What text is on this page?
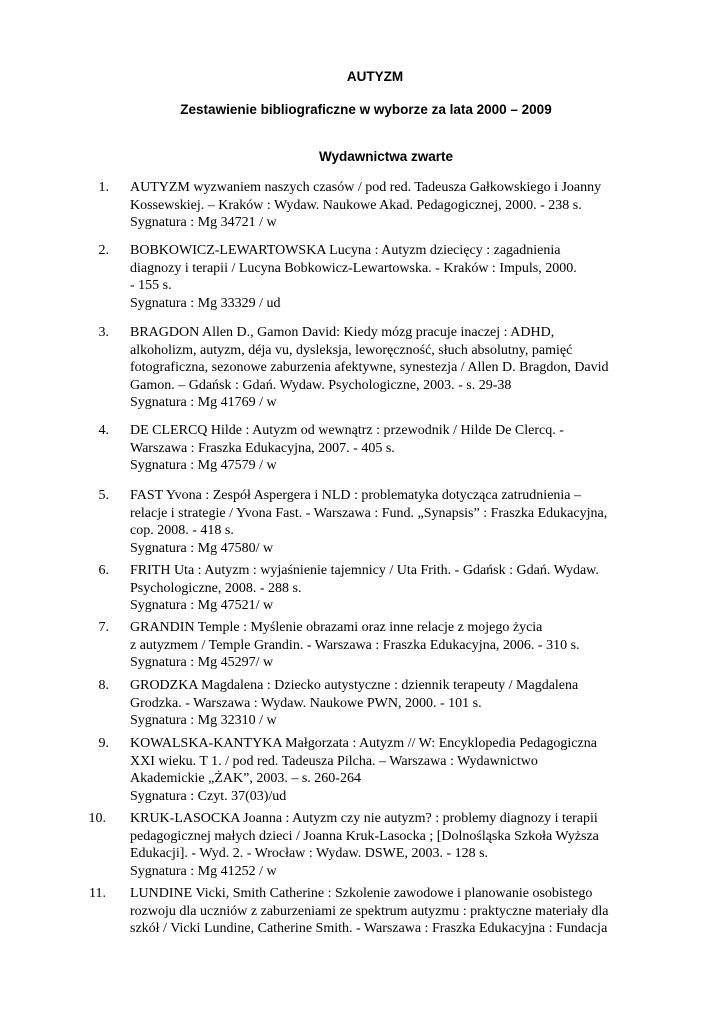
AUTYZM
Zestawienie bibliograficzne w wyborze za lata 2000 – 2009
Wydawnictwa zwarte
1. AUTYZM wyzwaniem naszych czasów / pod red. Tadeusza Gałkowskiego i Joanny
Kossewskiej. – Kraków : Wydaw. Naukowe Akad. Pedagogicznej, 2000. - 238 s.
Sygnatura : Mg 34721 / w
2. BOBKOWICZ-LEWARTOWSKA Lucyna : Autyzm dziecięcy : zagadnienia
diagnozy i terapii / Lucyna Bobkowicz-Lewartowska. - Kraków : Impuls, 2000.
- 155 s.
Sygnatura : Mg 33329 / ud
3. BRAGDON Allen D., Gamon David: Kiedy mózg pracuje inaczej : ADHD,
alkoholizm, autyzm, déja vu, dysleksja, leworęczność, słuch absolutny, pamięć
fotograficzna, sezonowe zaburzenia afektywne, synestezja / Allen D. Bragdon, David
Gamon. – Gdańsk : Gdań. Wydaw. Psychologiczne, 2003. - s. 29-38
Sygnatura : Mg 41769 / w
4. DE CLERCQ Hilde : Autyzm od wewnątrz : przewodnik / Hilde De Clercq. -
Warszawa : Fraszka Edukacyjna, 2007. - 405 s.
Sygnatura : Mg 47579 / w
5. FAST Yvona : Zespół Aspergera i NLD : problematyka dotycząca zatrudnienia –
relacje i strategie / Yvona Fast. - Warszawa : Fund. „Synapsis” : Fraszka Edukacyjna,
cop. 2008. - 418 s.
Sygnatura : Mg 47580/ w
6. FRITH Uta : Autyzm : wyjaśnienie tajemnicy / Uta Frith. - Gdańsk : Gdań. Wydaw.
Psychologiczne, 2008. - 288 s.
Sygnatura : Mg 47521/ w
7. GRANDIN Temple : Myślenie obrazami oraz inne relacje z mojego życia
z autyzmem / Temple Grandin. - Warszawa : Fraszka Edukacyjna, 2006. - 310 s.
Sygnatura : Mg 45297/ w
8. GRODZKA Magdalena : Dziecko autystyczne : dziennik terapeuty / Magdalena
Grodzka. - Warszawa : Wydaw. Naukowe PWN, 2000. - 101 s.
Sygnatura : Mg 32310 / w
9. KOWALSKA-KANTYKA Małgorzata : Autyzm // W: Encyklopedia Pedagogiczna
XXI wieku. T 1. / pod red. Tadeusza Pilcha. – Warszawa : Wydawnictwo
Akademickie „ŻAK”, 2003. – s. 260-264
Sygnatura : Czyt. 37(03)/ud
10. KRUK-LASOCKA Joanna : Autyzm czy nie autyzm? : problemy diagnozy i terapii
pedagogicznej małych dzieci / Joanna Kruk-Lasocka ; [Dolnośląska Szkoła Wyższa
Edukacji]. - Wyd. 2. - Wrocław : Wydaw. DSWE, 2003. - 128 s.
Sygnatura : Mg 41252 / w
11. LUNDINE Vicki, Smith Catherine : Szkolenie zawodowe i planowanie osobistego
rozwoju dla uczniów z zaburzeniami ze spektrum autyzmu : praktyczne materiały dla
szkół / Vicki Lundine, Catherine Smith. - Warszawa : Fraszka Edukacyjna : Fundacja
